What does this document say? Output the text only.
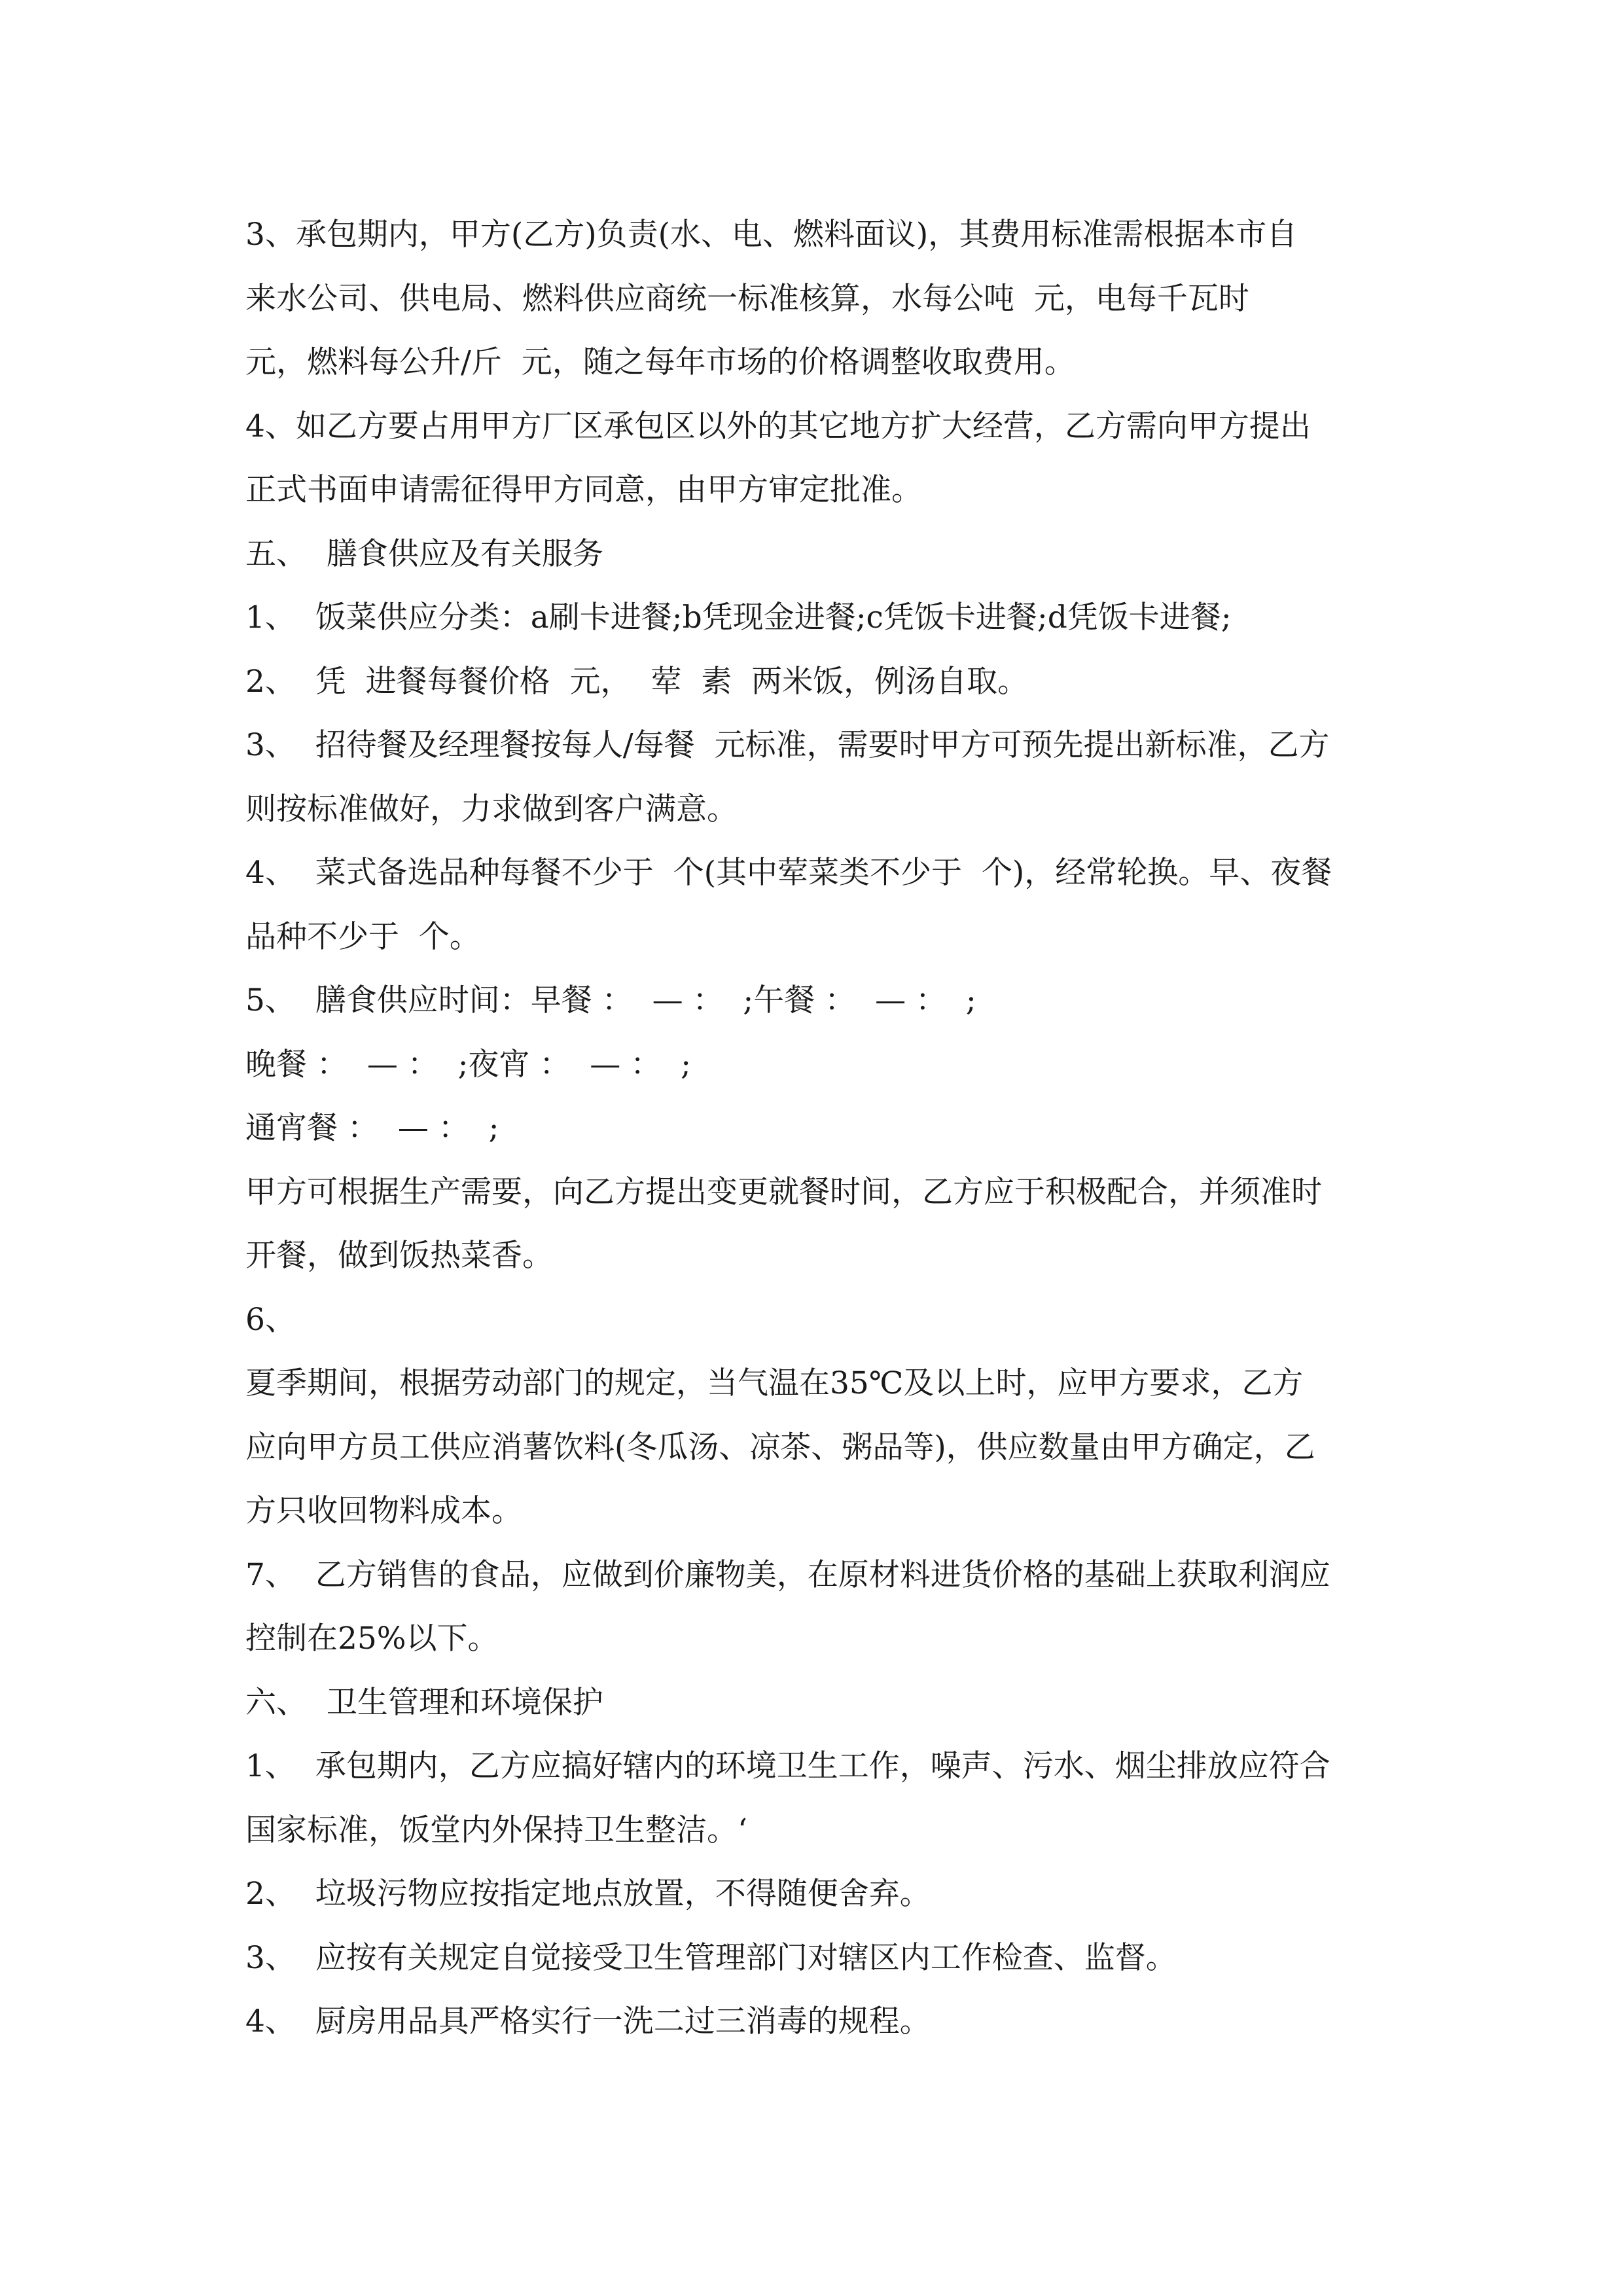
3、承包期内，甲方(乙方)负责(水、电、燃料面议)，其费用标准需根据本市自
来水公司、供电局、燃料供应商统一标准核算，水每公吨  元，电每千瓦时
元，燃料每公升/斤  元，随之每年市场的价格调整收取费用。
4、如乙方要占用甲方厂区承包区以外的其它地方扩大经营，乙方需向甲方提出
正式书面申请需征得甲方同意，由甲方审定批准。
五、  膳食供应及有关服务
1、  饭菜供应分类：a刷卡进餐;b凭现金进餐;c凭饭卡进餐;d凭饭卡进餐;
2、  凭  进餐每餐价格  元，  荤  素  两米饭，例汤自取。
3、  招待餐及经理餐按每人/每餐  元标准，需要时甲方可预先提出新标准，乙方
则按标准做好，力求做到客户满意。
4、  菜式备选品种每餐不少于  个(其中荤菜类不少于  个)，经常轮换。早、夜餐
品种不少于  个。
5、  膳食供应时间：早餐 ：  — ：  ;午餐 ：  — ：  ;
晚餐 ：  — ：  ;夜宵 ：  — ：  ;
通宵餐 ：  — ：  ;
甲方可根据生产需要，向乙方提出变更就餐时间，乙方应于积极配合，并须准时
开餐，做到饭热菜香。
6、
夏季期间，根据劳动部门的规定，当气温在35℃及以上时，应甲方要求，乙方
应向甲方员工供应消薯饮料(冬瓜汤、凉茶、粥品等)，供应数量由甲方确定，乙
方只收回物料成本。
7、  乙方销售的食品，应做到价廉物美，在原材料进货价格的基础上获取利润应
控制在25%以下。
六、  卫生管理和环境保护
1、  承包期内，乙方应搞好辖内的环境卫生工作，噪声、污水、烟尘排放应符合
国家标准，饭堂内外保持卫生整洁。‘
2、  垃圾污物应按指定地点放置，不得随便舍弃。
3、  应按有关规定自觉接受卫生管理部门对辖区内工作检查、监督。
4、  厨房用品具严格实行一洗二过三消毒的规程。
